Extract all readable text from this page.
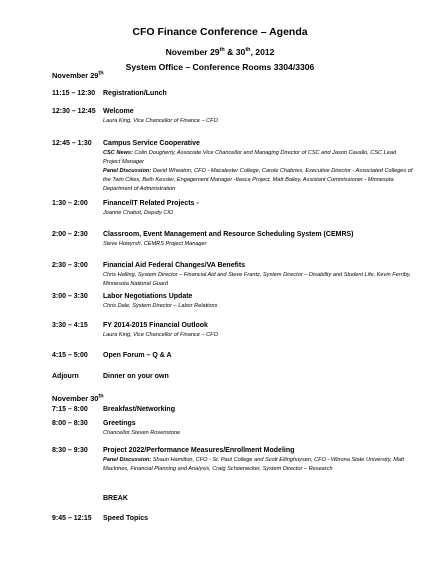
CFO Finance Conference – Agenda
November 29th & 30th, 2012
System Office – Conference Rooms 3304/3306
November 29th
November 30th
11:15 – 12:30 Registration/Lunch
12:30 – 12:45 Welcome
Laura King, Vice Chancellor of Finance – CFO
12:45 – 1:30 Campus Service Cooperative
CSC News: Colin Dougherty, Associate Vice Chancellor and Managing Director of CSC and Jason Cavallo, CSC Lead Project Manager
Panel Discussion: David Wheaton, CFO - Macalester College, Carole Chabries, Executive Director - Associated Colleges of the Twin Cities, Beth Kessler, Engagement Manager -Itasca Project, Matt Bailey, Assistant Commissioner - Minnesota Department of Administration
1:30 – 2:00 Finance/IT Related Projects -
Joanne Chabot, Deputy CIO
2:00 – 2:30 Classroom, Event Management and Resource Scheduling System (CEMRS)
Steve Howyrsh, CEMRS Project Manager
2:30 – 3:00 Financial Aid Federal Changes/VA Benefits
Chris Halling, System Director – Financial Aid and Steve Frantz, System Director – Disability and Student Life, Kevin Ferriby, Minnesota National Guard
3:00 – 3:30 Labor Negotiations Update
Chris Dale, System Director – Labor Relations
3:30 – 4:15 FY 2014-2015 Financial Outlook
Laura King, Vice Chancellor of Finance – CFO
4:15 – 5:00 Open Forum – Q & A
Adjourn	Dinner on your own
7:15 – 8:00 Breakfast/Networking
8:00 – 8:30 Greetings
Chancellor Steven Rosenstone
8:30 – 9:30 Project 2022/Performance Measures/Enrollment Modeling
Panel Discussion: Shaun Hamilton, CFO - St. Paul College and Scott Ellinghuysen, CFO - Winona State University, Matt MacInnes, Financial Planning and Analysis, Craig Schoenecker, System Director – Research
BREAK
9:45 – 12:15 Speed Topics
